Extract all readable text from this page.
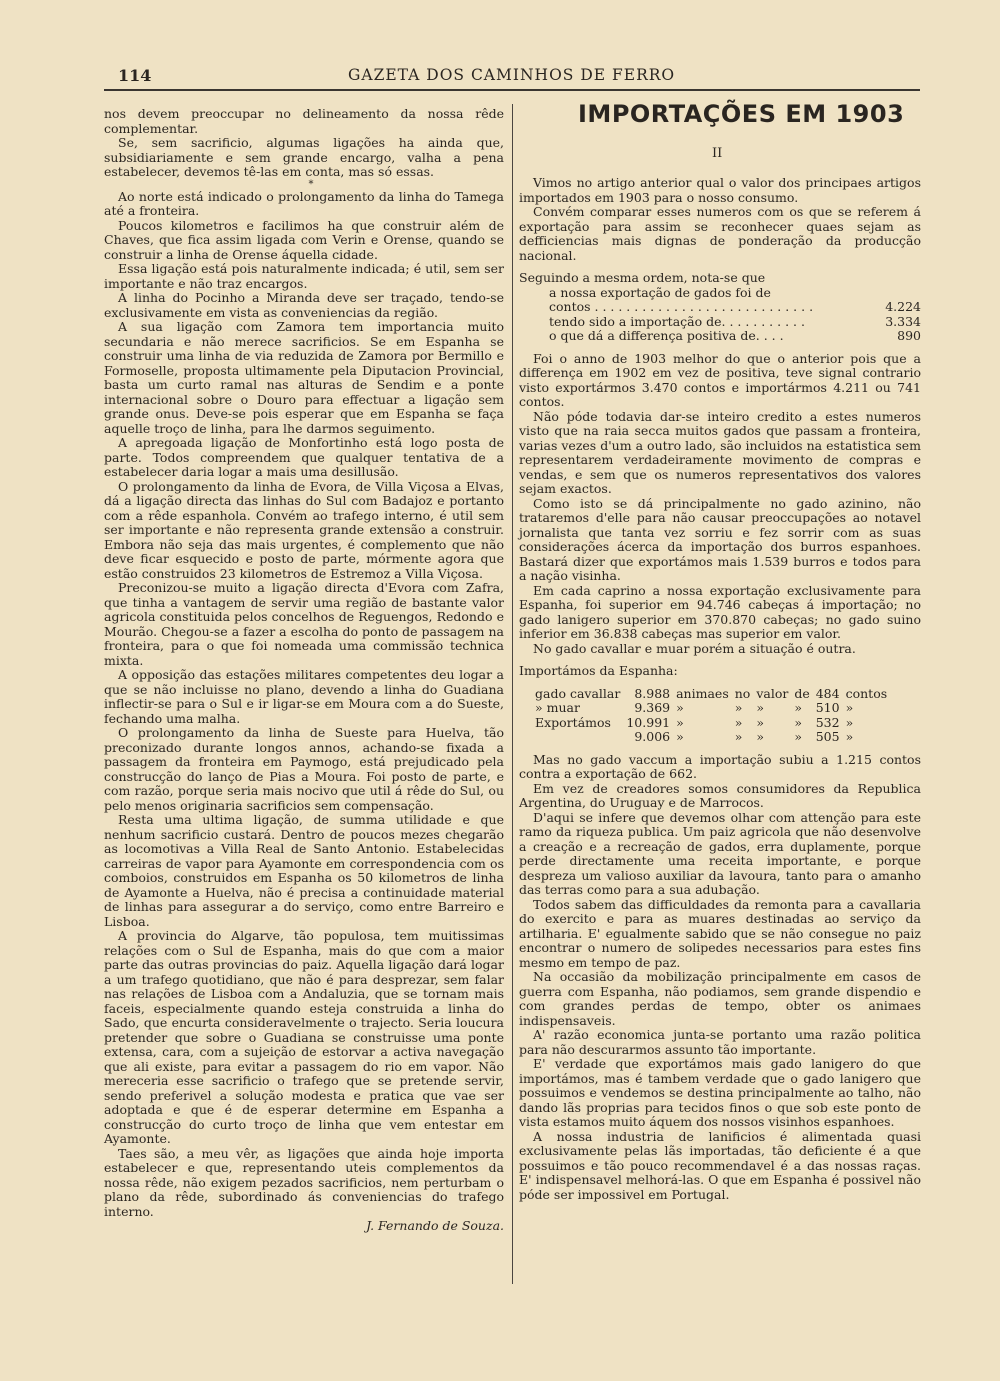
114	GAZETA DOS CAMINHOS DE FERRO

nos devem preoccupar no delineamento da nossa rêde complementar.

Se, sem sacrificio, algumas ligações ha ainda que, subsidiariamente e sem grande encargo, valha a pena estabelecer, devemos tê-las em conta, mas só essas.

*

Ao norte está indicado o prolongamento da linha do Tamega até a fronteira.

Poucos kilometros e facilimos ha que construir além de Chaves, que fica assim ligada com Verin e Orense, quando se construir a linha de Orense áquella cidade.

Essa ligação está pois naturalmente indicada; é util, sem ser importante e não traz encargos.

A linha do Pocinho a Miranda deve ser traçado, tendo-se exclusivamente em vista as conveniencias da região.

A sua ligação com Zamora tem importancia muito secundaria e não merece sacrificios. Se em Espanha se construir uma linha de via reduzida de Zamora por Bermillo e Formoselle, proposta ultimamente pela Diputacion Provincial, basta um curto ramal nas alturas de Sendim e a ponte internacional sobre o Douro para effectuar a ligação sem grande onus. Deve-se pois esperar que em Espanha se faça aquelle troço de linha, para lhe darmos seguimento.

A apregoada ligação de Monfortinho está logo posta de parte. Todos compreendem que qualquer tentativa de a estabelecer daria logar a mais uma desillusão.

O prolongamento da linha de Evora, de Villa Viçosa a Elvas, dá a ligação directa das linhas do Sul com Badajoz e portanto com a rêde espanhola. Convém ao trafego interno, é util sem ser importante e não representa grande extensão a construir. Embora não seja das mais urgentes, é complemento que não deve ficar esquecido e posto de parte, mórmente agora que estão construidos 23 kilometros de Estremoz a Villa Viçosa.

Preconizou-se muito a ligação directa d'Evora com Zafra, que tinha a vantagem de servir uma região de bastante valor agricola constituida pelos concelhos de Reguengos, Redondo e Mourão. Chegou-se a fazer a escolha do ponto de passagem na fronteira, para o que foi nomeada uma commissão technica mixta.

A opposição das estações militares competentes deu logar a que se não incluisse no plano, devendo a linha do Guadiana inflectir-se para o Sul e ir ligar-se em Moura com a do Sueste, fechando uma malha.

O prolongamento da linha de Sueste para Huelva, tão preconizado durante longos annos, achando-se fixada a passagem da fronteira em Paymogo, está prejudicado pela construcção do lanço de Pias a Moura. Foi posto de parte, e com razão, porque seria mais nocivo que util á rêde do Sul, ou pelo menos originaria sacrificios sem compensação.

Resta uma ultima ligação, de summa utilidade e que nenhum sacrificio custará. Dentro de poucos mezes chegarão as locomotivas a Villa Real de Santo Antonio. Estabelecidas carreiras de vapor para Ayamonte em correspondencia com os comboios, construidos em Espanha os 50 kilometros de linha de Ayamonte a Huelva, não é precisa a continuidade material de linhas para assegurar a do serviço, como entre Barreiro e Lisboa.

A provincia do Algarve, tão populosa, tem muitissimas relações com o Sul de Espanha, mais do que com a maior parte das outras provincias do paiz. Aquella ligação dará logar a um trafego quotidiano, que não é para desprezar, sem falar nas relações de Lisboa com a Andaluzia, que se tornam mais faceis, especialmente quando esteja construida a linha do Sado, que encurta consideravelmente o trajecto. Seria loucura pretender que sobre o Guadiana se construisse uma ponte extensa, cara, com a sujeição de estorvar a activa navegação que ali existe, para evitar a passagem do rio em vapor. Não mereceria esse sacrificio o trafego que se pretende servir, sendo preferivel a solução modesta e pratica que vae ser adoptada e que é de esperar determine em Espanha a construcção do curto troço de linha que vem entestar em Ayamonte.

Taes são, a meu vêr, as ligações que ainda hoje importa estabelecer e que, representando uteis complementos da nossa rêde, não exigem pezados sacrificios, nem perturbam o plano da rêde, subordinado ás conveniencias do trafego interno.

J. Fernando de Souza.

IMPORTAÇÕES EM 1903
II

Vimos no artigo anterior qual o valor dos principaes artigos importados em 1903 para o nosso consumo.

Convém comparar esses numeros com os que se referem á exportação para assim se reconhecer quaes sejam as defficiencias mais dignas de ponderação da producção nacional.

Seguindo a mesma ordem, nota-se que	
a nossa exportação de gados foi de	
contos . . . . . . . . . . . . . . . . . . . . . . . . . . . .	4.224
tendo sido a importação de. . . . . . . . . . .	3.334
o que dá a differença positiva de. . . .	890

Foi o anno de 1903 melhor do que o anterior pois que a differença em 1902 em vez de positiva, teve signal contrario visto exportármos 3.470 contos e importármos 4.211 ou 741 contos.

Não póde todavia dar-se inteiro credito a estes numeros visto que na raia secca muitos gados que passam a fronteira, varias vezes d'um a outro lado, são incluidos na estatistica sem representarem verdadeiramente movimento de compras e vendas, e sem que os numeros representativos dos valores sejam exactos.

Como isto se dá principalmente no gado azinino, não trataremos d'elle para não causar preoccupações ao notavel jornalista que tanta vez sorriu e fez sorrir com as suas considerações ácerca da importação dos burros espanhoes. Bastará dizer que exportámos mais 1.539 burros e todos para a nação visinha.

Em cada caprino a nossa exportação exclusivamente para Espanha, foi superior em 94.746 cabeças á importação; no gado lanigero superior em 370.870 cabeças; no gado suino inferior em 36.838 cabeças mas superior em valor.

No gado cavallar e muar porém a situação é outra.

Importámos da Espanha:

gado cavallar	8.988	animaes	no	valor	de	484	contos
» muar	9.369	»	»	»	»	510	»
Exportámos	10.991	»	»	»	»	532	»
	9.006	»	»	»	»	505	»

Mas no gado vaccum a importação subiu a 1.215 contos contra a exportação de 662.

Em vez de creadores somos consumidores da Republica Argentina, do Uruguay e de Marrocos.

D'aqui se infere que devemos olhar com attenção para este ramo da riqueza publica. Um paiz agricola que não desenvolve a creação e a recreação de gados, erra duplamente, porque perde directamente uma receita importante, e porque despreza um valioso auxiliar da lavoura, tanto para o amanho das terras como para a sua adubação.

Todos sabem das difficuldades da remonta para a cavallaria do exercito e para as muares destinadas ao serviço da artilharia. E' egualmente sabido que se não consegue no paiz encontrar o numero de solipedes necessarios para estes fins mesmo em tempo de paz.

Na occasião da mobilização principalmente em casos de guerra com Espanha, não podiamos, sem grande dispendio e com grandes perdas de tempo, obter os animaes indispensaveis.

A' razão economica junta-se portanto uma razão politica para não descurarmos assunto tão importante.

E' verdade que exportámos mais gado lanigero do que importámos, mas é tambem verdade que o gado lanigero que possuimos e vendemos se destina principalmente ao talho, não dando lãs proprias para tecidos finos o que sob este ponto de vista estamos muito áquem dos nossos visinhos espanhoes.

A nossa industria de lanificios é alimentada quasi exclusivamente pelas lãs importadas, tão deficiente é a que possuimos e tão pouco recommendavel é a das nossas raças. E' indispensavel melhorá-las. O que em Espanha é possivel não póde ser impossivel em Portugal.
